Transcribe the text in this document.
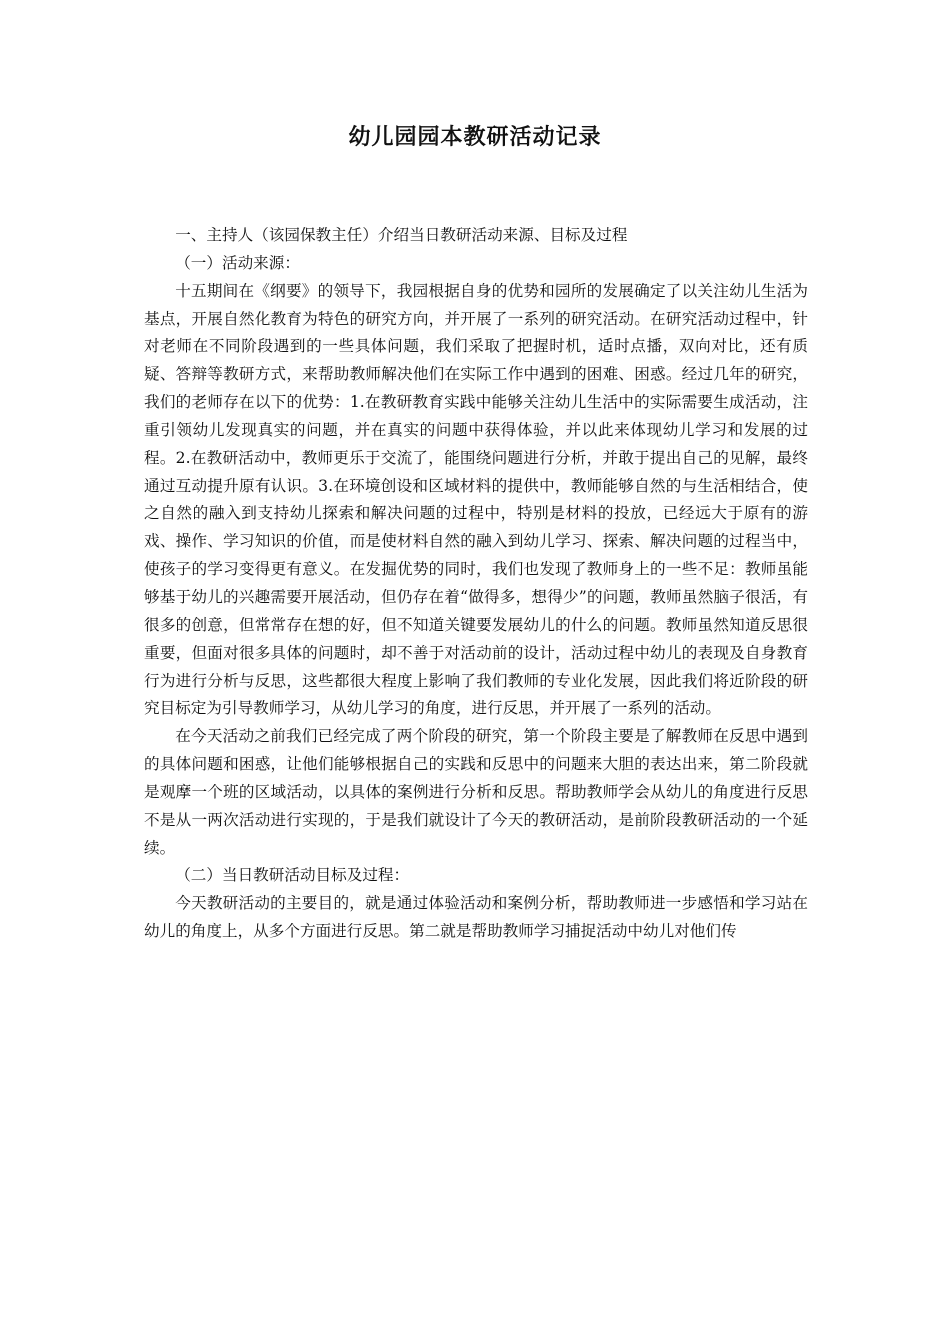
幼儿园园本教研活动记录

一、主持人（该园保教主任）介绍当日教研活动来源、目标及过程

（一）活动来源：

十五期间在《纲要》的领导下，我园根据自身的优势和园所的发展确定了以关注幼儿生活为基点，开展自然化教育为特色的研究方向，并开展了一系列的研究活动。在研究活动过程中，针对老师在不同阶段遇到的一些具体问题，我们采取了把握时机，适时点播，双向对比，还有质疑、答辩等教研方式，来帮助教师解决他们在实际工作中遇到的困难、困惑。经过几年的研究，我们的老师存在以下的优势：1.在教研教育实践中能够关注幼儿生活中的实际需要生成活动，注重引领幼儿发现真实的问题，并在真实的问题中获得体验，并以此来体现幼儿学习和发展的过程。2.在教研活动中，教师更乐于交流了，能围绕问题进行分析，并敢于提出自己的见解，最终通过互动提升原有认识。3.在环境创设和区域材料的提供中，教师能够自然的与生活相结合，使之自然的融入到支持幼儿探索和解决问题的过程中，特别是材料的投放，已经远大于原有的游戏、操作、学习知识的价值，而是使材料自然的融入到幼儿学习、探索、解决问题的过程当中，使孩子的学习变得更有意义。在发掘优势的同时，我们也发现了教师身上的一些不足：教师虽能够基于幼儿的兴趣需要开展活动，但仍存在着“做得多，想得少”的问题，教师虽然脑子很活，有很多的创意，但常常存在想的好，但不知道关键要发展幼儿的什么的问题。教师虽然知道反思很重要，但面对很多具体的问题时，却不善于对活动前的设计，活动过程中幼儿的表现及自身教育行为进行分析与反思，这些都很大程度上影响了我们教师的专业化发展，因此我们将近阶段的研究目标定为引导教师学习，从幼儿学习的角度，进行反思，并开展了一系列的活动。

在今天活动之前我们已经完成了两个阶段的研究，第一个阶段主要是了解教师在反思中遇到的具体问题和困惑，让他们能够根据自己的实践和反思中的问题来大胆的表达出来，第二阶段就是观摩一个班的区域活动，以具体的案例进行分析和反思。帮助教师学会从幼儿的角度进行反思不是从一两次活动进行实现的，于是我们就设计了今天的教研活动，是前阶段教研活动的一个延续。

（二）当日教研活动目标及过程：

今天教研活动的主要目的，就是通过体验活动和案例分析，帮助教师进一步感悟和学习站在幼儿的角度上，从多个方面进行反思。第二就是帮助教师学习捕捉活动中幼儿对他们传
